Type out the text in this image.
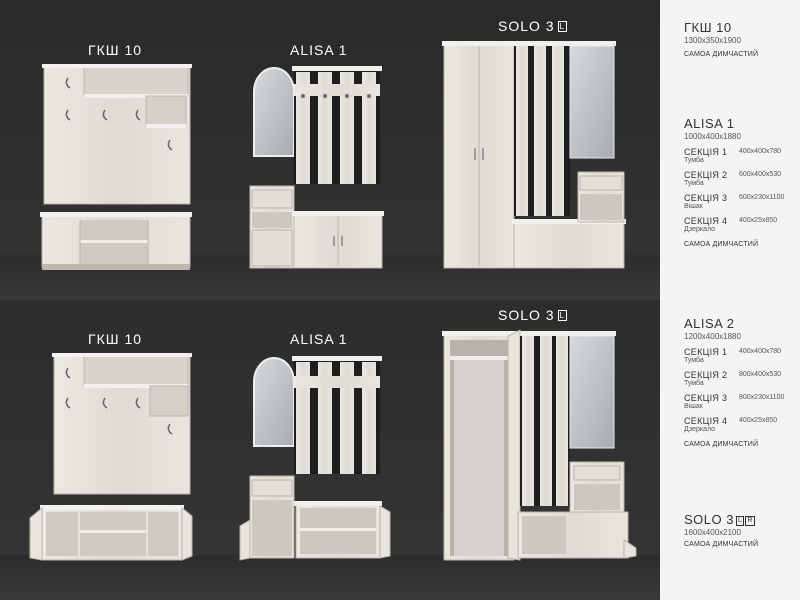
ГКШ 10	ALISA 1
SOLO 3 L
ГКШ 10	ALISA 1
SOLO 3 L
ГКШ 10
1300x350x1900
САМОА ДИМЧАСТИЙ
ALISA 1
1000x400x1880
СЕКЦІЯ 1
Тумба
400x400x780
СЕКЦІЯ 2
Тумба
600x400x530
СЕКЦІЯ 3
Вішак
600x230x1100
СЕКЦІЯ 4
Дзеркало
400x25x850
САМОА ДИМЧАСТИЙ
ALISA 2
1200x400x1880
СЕКЦІЯ 1
Тумба
400x400x780
СЕКЦІЯ 2
Тумба
800x400x530
СЕКЦІЯ 3
Вішак
800x230x1100
СЕКЦІЯ 4
Дзеркало
400x25x850
САМОА ДИМЧАСТИЙ
SOLO 3 L R
1600x400x2100
САМОА ДИМЧАСТИЙ
